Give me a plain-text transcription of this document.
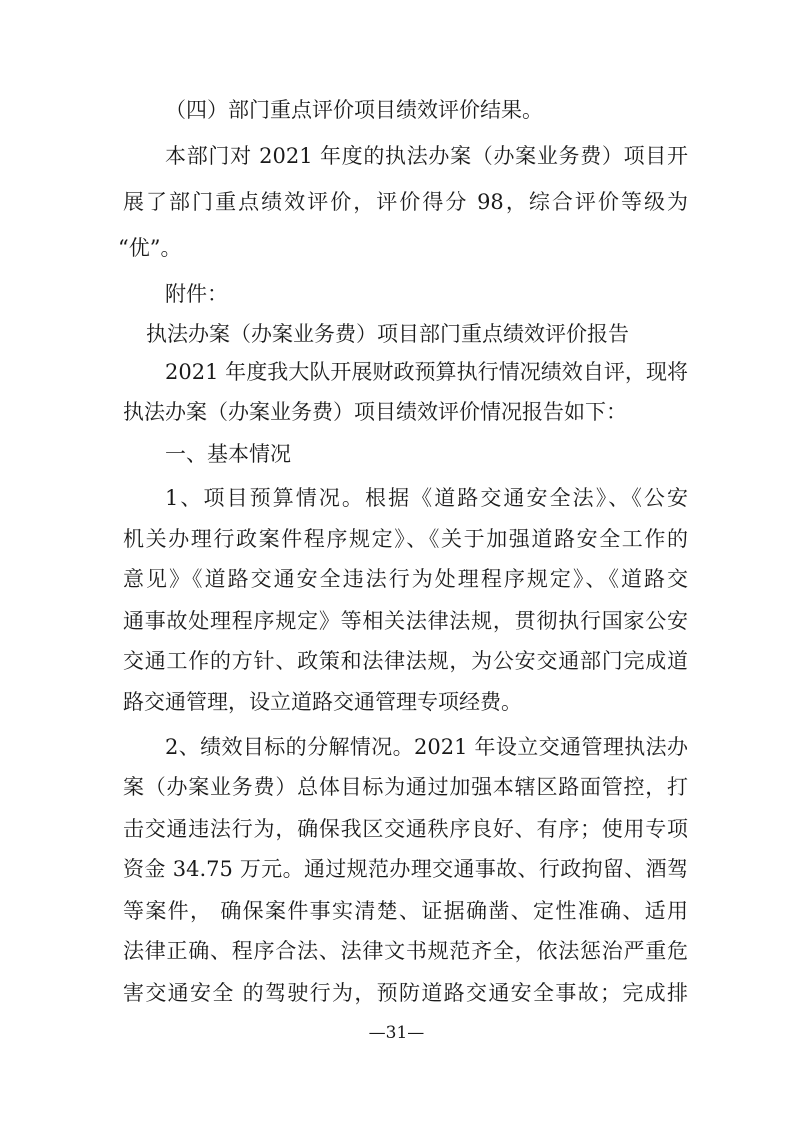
（四）部门重点评价项目绩效评价结果。
本部门对 2021 年度的执法办案（办案业务费）项目开
展了部门重点绩效评价，评价得分 98，综合评价等级为
“优”。
附件：
执法办案（办案业务费）项目部门重点绩效评价报告
2021 年度我大队开展财政预算执行情况绩效自评，现将
执法办案（办案业务费）项目绩效评价情况报告如下：
一、基本情况
1、项目预算情况。根据《道路交通安全法》、《公安
机关办理行政案件程序规定》、《关于加强道路安全工作的
意见》《道路交通安全违法行为处理程序规定》、《道路交
通事故处理程序规定》等相关法律法规，贯彻执行国家公安
交通工作的方针、政策和法律法规，为公安交通部门完成道
路交通管理，设立道路交通管理专项经费。
2、绩效目标的分解情况。2021 年设立交通管理执法办
案（办案业务费）总体目标为通过加强本辖区路面管控，打
击交通违法行为，确保我区交通秩序良好、有序；使用专项
资金 34.75 万元。通过规范办理交通事故、行政拘留、酒驾
等案件， 确保案件事实清楚、证据确凿、定性准确、适用
法律正确、程序合法、法律文书规范齐全，依法惩治严重危
害交通安全 的驾驶行为，预防道路交通安全事故；完成排
—31—
